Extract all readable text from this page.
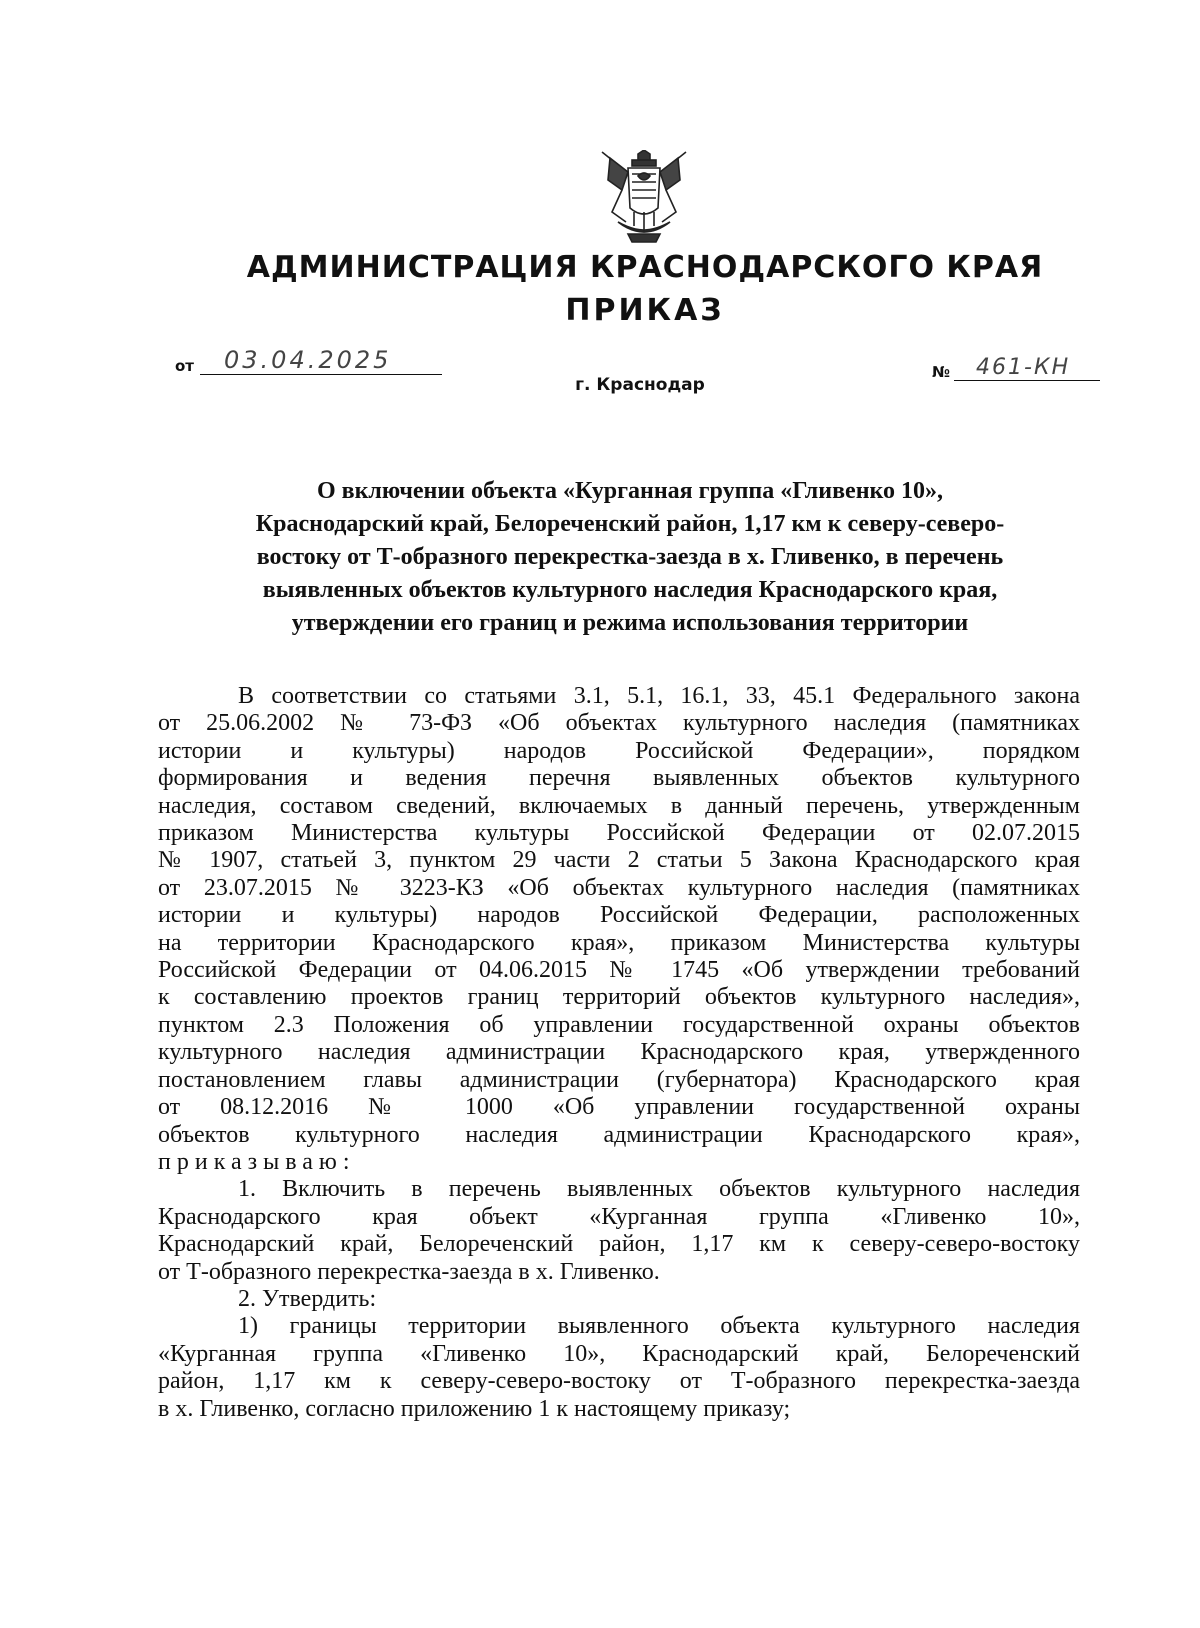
АДМИНИСТРАЦИЯ КРАСНОДАРСКОГО КРАЯ
ПРИКАЗ
от 03.04.2025	№ 461-КН
г. Краснодар
О включении объекта «Курганная группа «Гливенко 10»,
Краснодарский край, Белореченский район, 1,17 км к северу-северо-
востоку от Т-образного перекрестка-заезда в х. Гливенко, в перечень
выявленных объектов культурного наследия Краснодарского края,
утверждении его границ и режима использования территории
В соответствии со статьями 3.1, 5.1, 16.1, 33, 45.1 Федерального закона
от 25.06.2002 № 73-ФЗ «Об объектах культурного наследия (памятниках
истории и культуры) народов Российской Федерации», порядком
формирования и ведения перечня выявленных объектов культурного
наследия, составом сведений, включаемых в данный перечень, утвержденным
приказом Министерства культуры Российской Федерации от 02.07.2015
№ 1907, статьей 3, пунктом 29 части 2 статьи 5 Закона Краснодарского края
от 23.07.2015 № 3223-КЗ «Об объектах культурного наследия (памятниках
истории и культуры) народов Российской Федерации, расположенных
на территории Краснодарского края», приказом Министерства культуры
Российской Федерации от 04.06.2015 № 1745 «Об утверждении требований
к составлению проектов границ территорий объектов культурного наследия»,
пунктом 2.3 Положения об управлении государственной охраны объектов
культурного наследия администрации Краснодарского края, утвержденного
постановлением главы администрации (губернатора) Краснодарского края
от 08.12.2016 № 1000 «Об управлении государственной охраны
объектов культурного наследия администрации Краснодарского края»,
приказываю:
1. Включить в перечень выявленных объектов культурного наследия
Краснодарского края объект «Курганная группа «Гливенко 10»,
Краснодарский край, Белореченский район, 1,17 км к северу-северо-востоку
от Т-образного перекрестка-заезда в х. Гливенко.
2. Утвердить:
1) границы территории выявленного объекта культурного наследия
«Курганная группа «Гливенко 10», Краснодарский край, Белореченский
район, 1,17 км к северу-северо-востоку от Т-образного перекрестка-заезда
в х. Гливенко, согласно приложению 1 к настоящему приказу;
